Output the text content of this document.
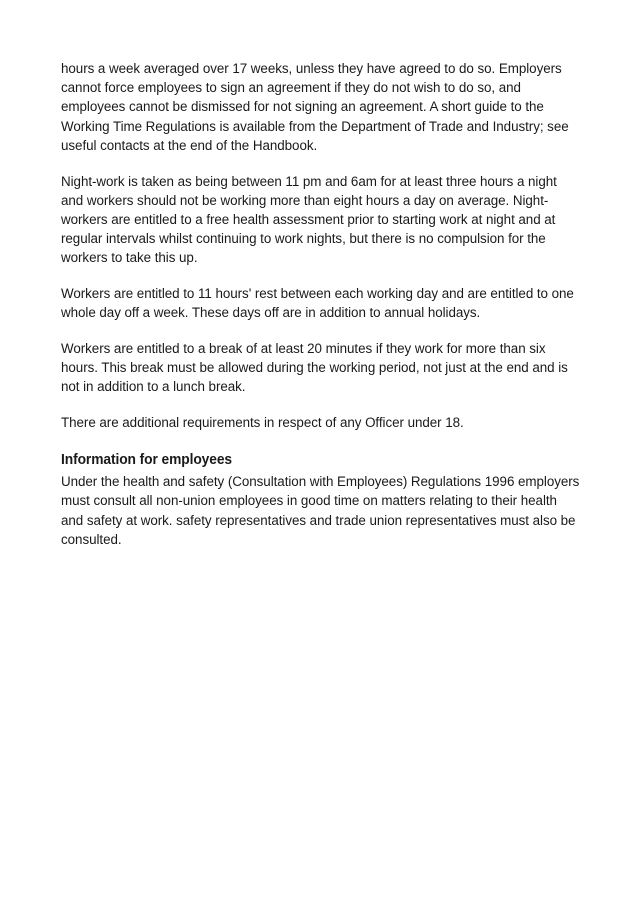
hours a week averaged over 17 weeks, unless they have agreed to do so. Employers cannot force employees to sign an agreement if they do not wish to do so, and employees cannot be dismissed for not signing an agreement. A short guide to the Working Time Regulations is available from the Department of Trade and Industry; see useful contacts at the end of the Handbook.

Night-work is taken as being between 11 pm and 6am for at least three hours a night and workers should not be working more than eight hours a day on average. Night-workers are entitled to a free health assessment prior to starting work at night and at regular intervals whilst continuing to work nights, but there is no compulsion for the workers to take this up.

Workers are entitled to 11 hours' rest between each working day and are entitled to one whole day off a week. These days off are in addition to annual holidays.

Workers are entitled to a break of at least 20 minutes if they work for more than six hours. This break must be allowed during the working period, not just at the end and is not in addition to a lunch break.

There are additional requirements in respect of any Officer under 18.

Information for employees

Under the health and safety (Consultation with Employees) Regulations 1996 employers must consult all non-union employees in good time on matters relating to their health and safety at work. safety representatives and trade union representatives must also be consulted.
